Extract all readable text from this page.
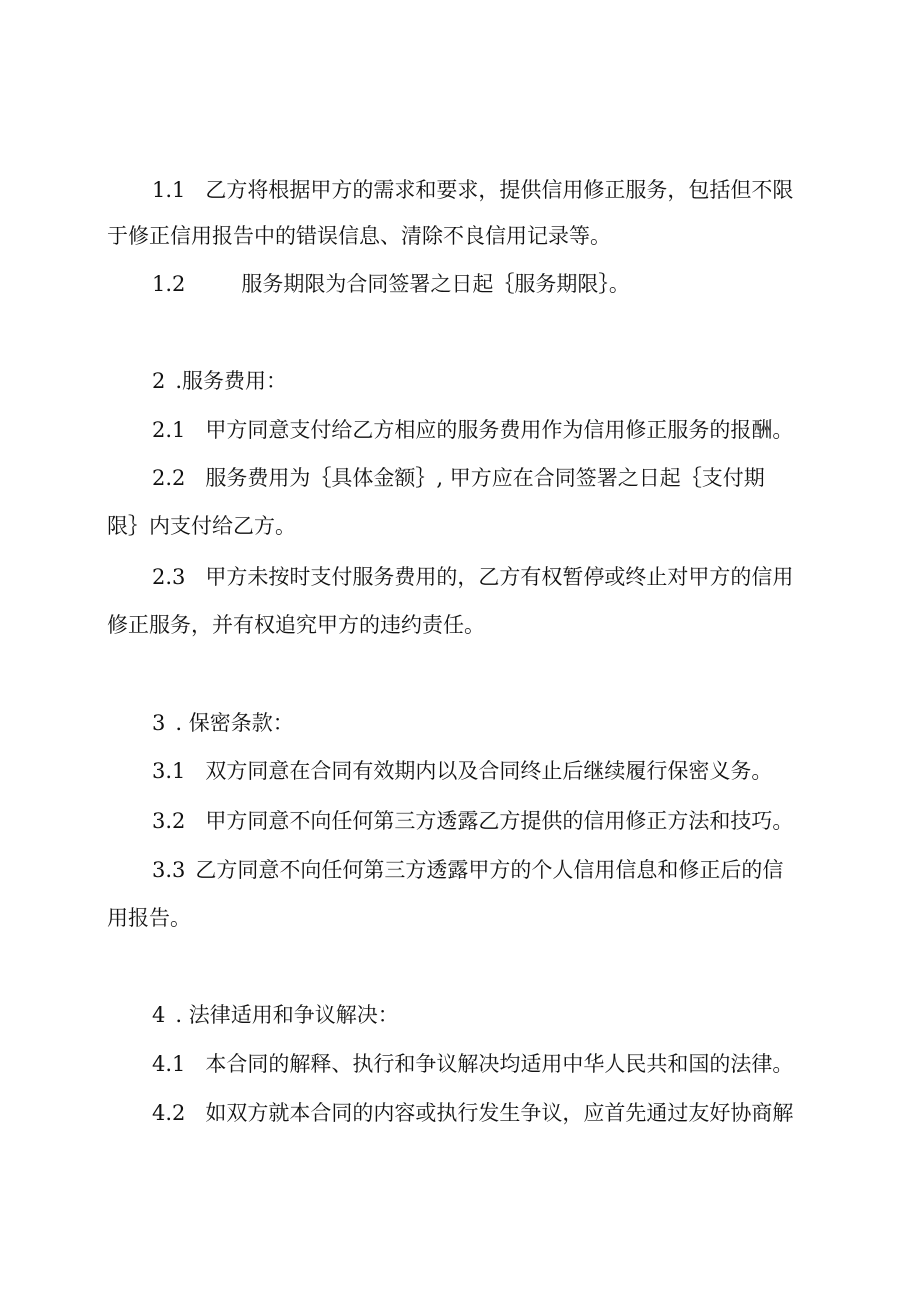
1.1 乙方将根据甲方的需求和要求，提供信用修正服务，包括但不限
于修正信用报告中的错误信息、清除不良信用记录等。
1.2	服务期限为合同签署之日起｛服务期限｝。
2 .服务费用：
2.1 甲方同意支付给乙方相应的服务费用作为信用修正服务的报酬。
2.2 服务费用为｛具体金额｝, 甲方应在合同签署之日起｛支付期
限｝内支付给乙方。
2.3 甲方未按时支付服务费用的，乙方有权暂停或终止对甲方的信用
修正服务，并有权追究甲方的违约责任。
3 . 保密条款：
3.1 双方同意在合同有效期内以及合同终止后继续履行保密义务。
3.2 甲方同意不向任何第三方透露乙方提供的信用修正方法和技巧。
3.3 乙方同意不向任何第三方透露甲方的个人信用信息和修正后的信
用报告。
4 . 法律适用和争议解决：
4.1 本合同的解释、执行和争议解决均适用中华人民共和国的法律。
4.2 如双方就本合同的内容或执行发生争议，应首先通过友好协商解
